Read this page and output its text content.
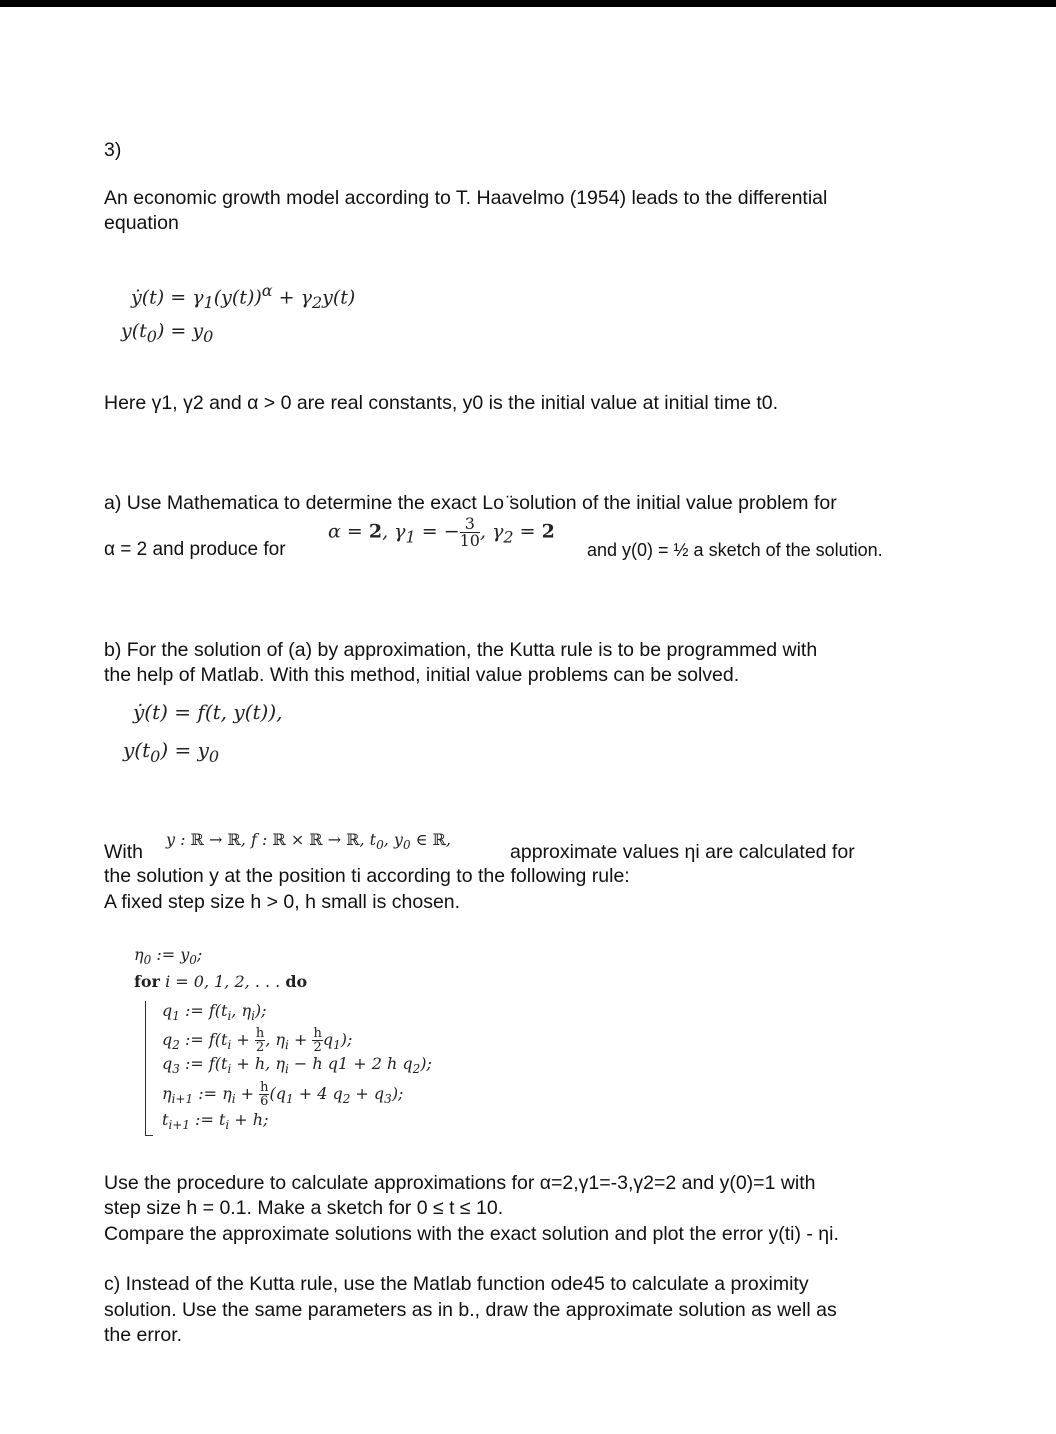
3)
An economic growth model according to T. Haavelmo (1954) leads to the differential
equation
ẏ(t) = $\gamma_1(y(t))^\alpha + \gamma_2y(t)$
$y(t_0) = y_0$
Here γ1, γ2 and α > 0 are real constants, y0 is the initial value at initial time t0.
a) Use Mathematica to determine the exact Lo ̈solution of the initial value problem for
α = 2 and produce for
α = 2, $\gamma_1$ = − $\frac{3}{10}$ , $\gamma_2 = 2$
and y(0) = ½ a sketch of the solution.
b) For the solution of (a) by approximation, the Kutta rule is to be programmed with
the help of Matlab. With this method, initial value problems can be solved.
ẏ(t) = f(t, y(t)),
$y(t_0) = y_0$
With
y : ℝ → ℝ, f : ℝ × ℝ → ℝ, $t_0$, $y_0$ ∈ ℝ,
approximate values ηi are calculated for
the solution y at the position ti according to the following rule:
A fixed step size h > 0, h small is chosen.
$\eta_0$ := $y_0$;
for i = 0, 1, 2, . . . do
$q_1$ := $f(t_i$, $\eta_i$);
$q_2$ := $f(t_i + \frac{h}{2}$ , $\eta_i + \frac{h}{2} q_1$);
$q_3$ := $f(t_i + h$, $\eta_i - h$ q1 + 2 h $q_2$);
$\eta_{i+1}$ := $\eta_i + \frac{h}{6} (q_1 + 4$ $q_2 + q_3$);
$t_{i+1}$ := $t_i + h$;
Use the procedure to calculate approximations for α=2,γ1=-3,γ2=2 and y(0)=1 with
step size h = 0.1. Make a sketch for 0 ≤ t ≤ 10.
Compare the approximate solutions with the exact solution and plot the error y(ti) - ηi.
c) Instead of the Kutta rule, use the Matlab function ode45 to calculate a proximity
solution. Use the same parameters as in b., draw the approximate solution as well as
the error.
